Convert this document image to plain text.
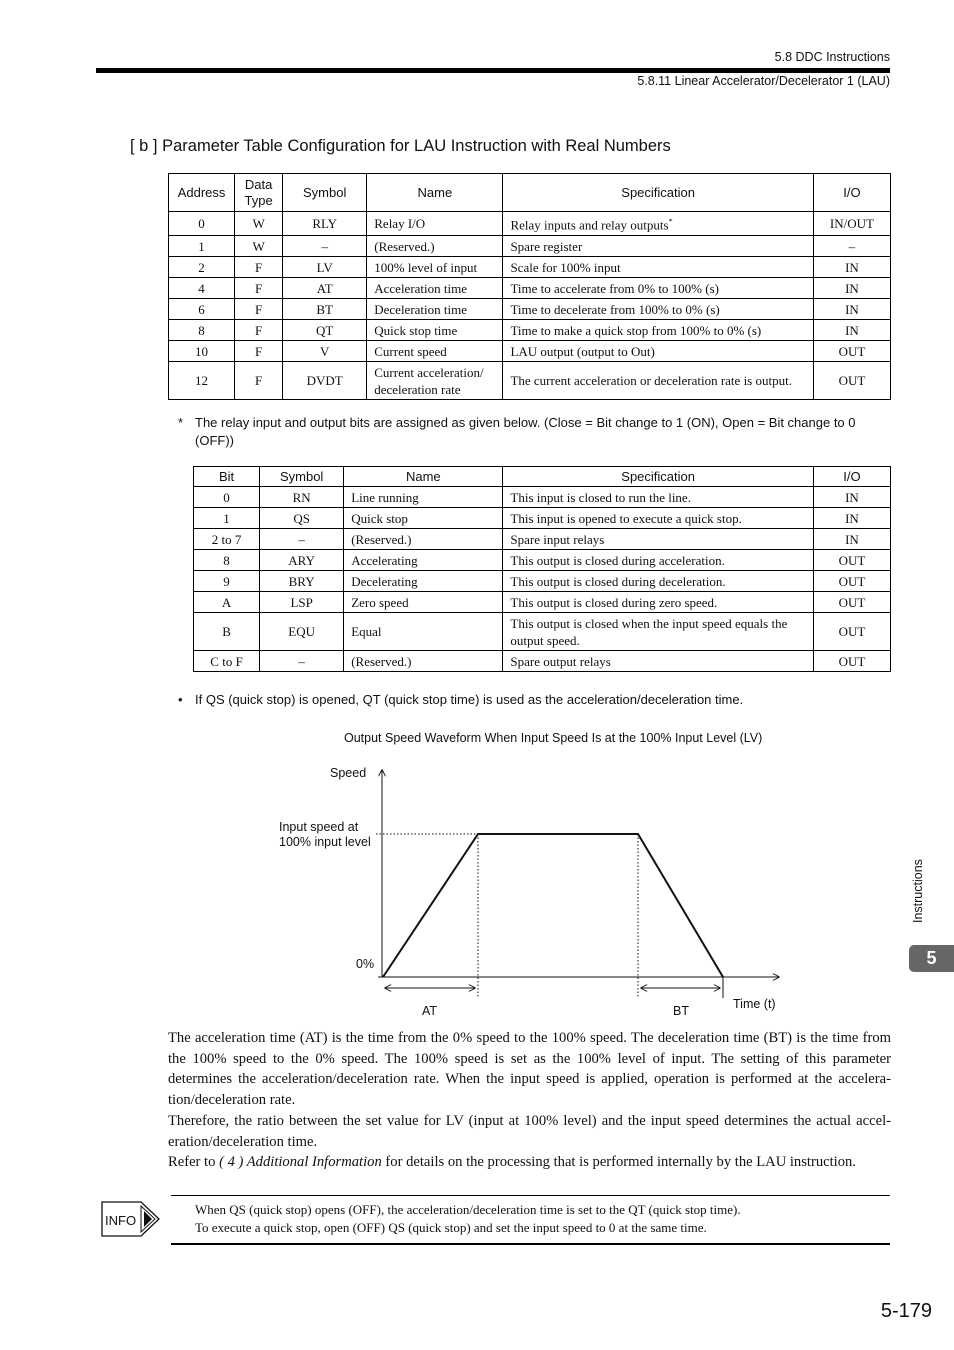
5.8 DDC Instructions
5.8.11 Linear Accelerator/Decelerator 1 (LAU)
[ b ] Parameter Table Configuration for LAU Instruction with Real Numbers
Address	Data Type	Symbol	Name	Specification	I/O
0	W	RLY	Relay I/O	Relay inputs and relay outputs*	IN/OUT
1	W	–	(Reserved.)	Spare register	–
2	F	LV	100% level of input	Scale for 100% input	IN
4	F	AT	Acceleration time	Time to accelerate from 0% to 100% (s)	IN
6	F	BT	Deceleration time	Time to decelerate from 100% to 0% (s)	IN
8	F	QT	Quick stop time	Time to make a quick stop from 100% to 0% (s)	IN
10	F	V	Current speed	LAU output (output to Out)	OUT
12	F	DVDT	Current acceleration/ deceleration rate	The current acceleration or deceleration rate is output.	OUT
* The relay input and output bits are assigned as given below. (Close = Bit change to 1 (ON), Open = Bit change to 0 (OFF))
Bit	Symbol	Name	Specification	I/O
0	RN	Line running	This input is closed to run the line.	IN
1	QS	Quick stop	This input is opened to execute a quick stop.	IN
2 to 7	–	(Reserved.)	Spare input relays	IN
8	ARY	Accelerating	This output is closed during acceleration.	OUT
9	BRY	Decelerating	This output is closed during deceleration.	OUT
A	LSP	Zero speed	This output is closed during zero speed.	OUT
B	EQU	Equal	This output is closed when the input speed equals the output speed.	OUT
C to F	–	(Reserved.)	Spare output relays	OUT
• If QS (quick stop) is opened, QT (quick stop time) is used as the acceleration/deceleration time.
Output Speed Waveform When Input Speed Is at the 100% Input Level (LV)
Speed
Input speed at
100% input level
0%
Time (t)
AT	BT

The acceleration time (AT) is the time from the 0% speed to the 100% speed. The deceleration time (BT) is the time from the 100% speed to the 0% speed. The 100% speed is set as the 100% level of input. The setting of this parameter determines the acceleration/deceleration rate. When the input speed is applied, operation is performed at the accelera-tion/deceleration rate.

Therefore, the ratio between the set value for LV (input at 100% level) and the input speed determines the actual accel-eration/deceleration time.

Refer to ( 4 ) Additional Information for details on the processing that is performed internally by the LAU instruction.

INFO
When QS (quick stop) opens (OFF), the acceleration/deceleration time is set to the QT (quick stop time).
To execute a quick stop, open (OFF) QS (quick stop) and set the input speed to 0 at the same time.
Instructions
5
5-179
